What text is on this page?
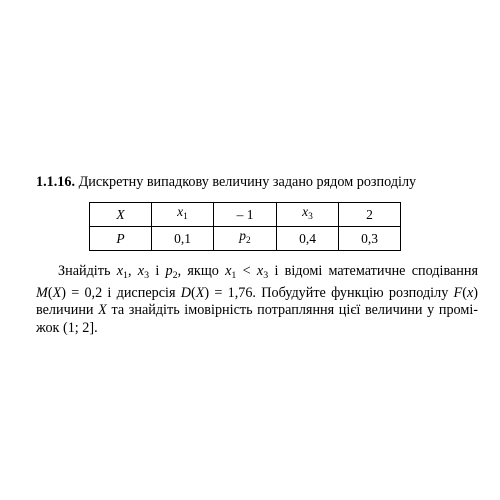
1.1.16. Дискретну випадкову величину задано рядом розподілу

X	$x_1$	– 1	$x_3$	2
P	0,1	$p_2$	0,4	0,3

Знайдіть $x_1$, $x_3$ і $p_2$, якщо $x_1 < x_3$ і відомі математичне сподівання M(X) = 0,2 і дисперсія D(X) = 1,76. Побудуйте функцію розподілу F(x) величини X та знайдіть імовірність потрапляння цієї величини у промі-жок (1; 2].
